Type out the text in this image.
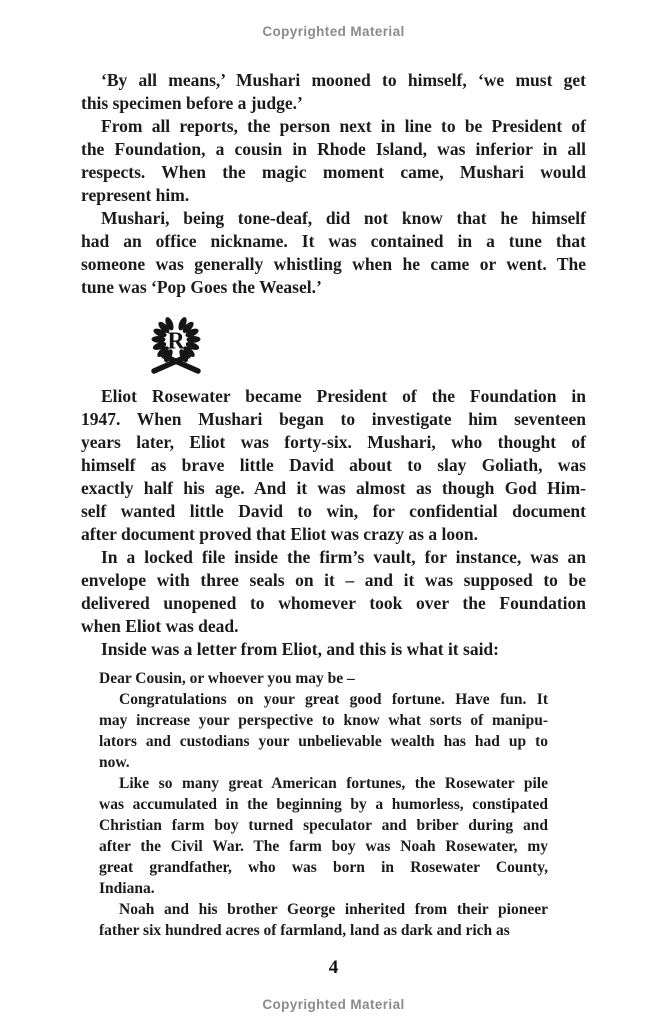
Copyrighted Material
‘By all means,’ Mushari mooned to himself, ‘we must get
this specimen before a judge.’
From all reports, the person next in line to be President of
the Foundation, a cousin in Rhode Island, was inferior in all
respects. When the magic moment came, Mushari would
represent him.
Mushari, being tone-deaf, did not know that he himself
had an office nickname. It was contained in a tune that
someone was generally whistling when he came or went. The
tune was ‘Pop Goes the Weasel.’
R
Eliot Rosewater became President of the Foundation in
1947. When Mushari began to investigate him seventeen
years later, Eliot was forty-six. Mushari, who thought of
himself as brave little David about to slay Goliath, was
exactly half his age. And it was almost as though God Him-
self wanted little David to win, for confidential document
after document proved that Eliot was crazy as a loon.
In a locked file inside the firm’s vault, for instance, was an
envelope with three seals on it – and it was supposed to be
delivered unopened to whomever took over the Foundation
when Eliot was dead.
Inside was a letter from Eliot, and this is what it said:
Dear Cousin, or whoever you may be –
Congratulations on your great good fortune. Have fun. It
may increase your perspective to know what sorts of manipu-
lators and custodians your unbelievable wealth has had up to
now.
Like so many great American fortunes, the Rosewater pile
was accumulated in the beginning by a humorless, constipated
Christian farm boy turned speculator and briber during and
after the Civil War. The farm boy was Noah Rosewater, my
great grandfather, who was born in Rosewater County,
Indiana.
Noah and his brother George inherited from their pioneer
father six hundred acres of farmland, land as dark and rich as
4
Copyrighted Material
